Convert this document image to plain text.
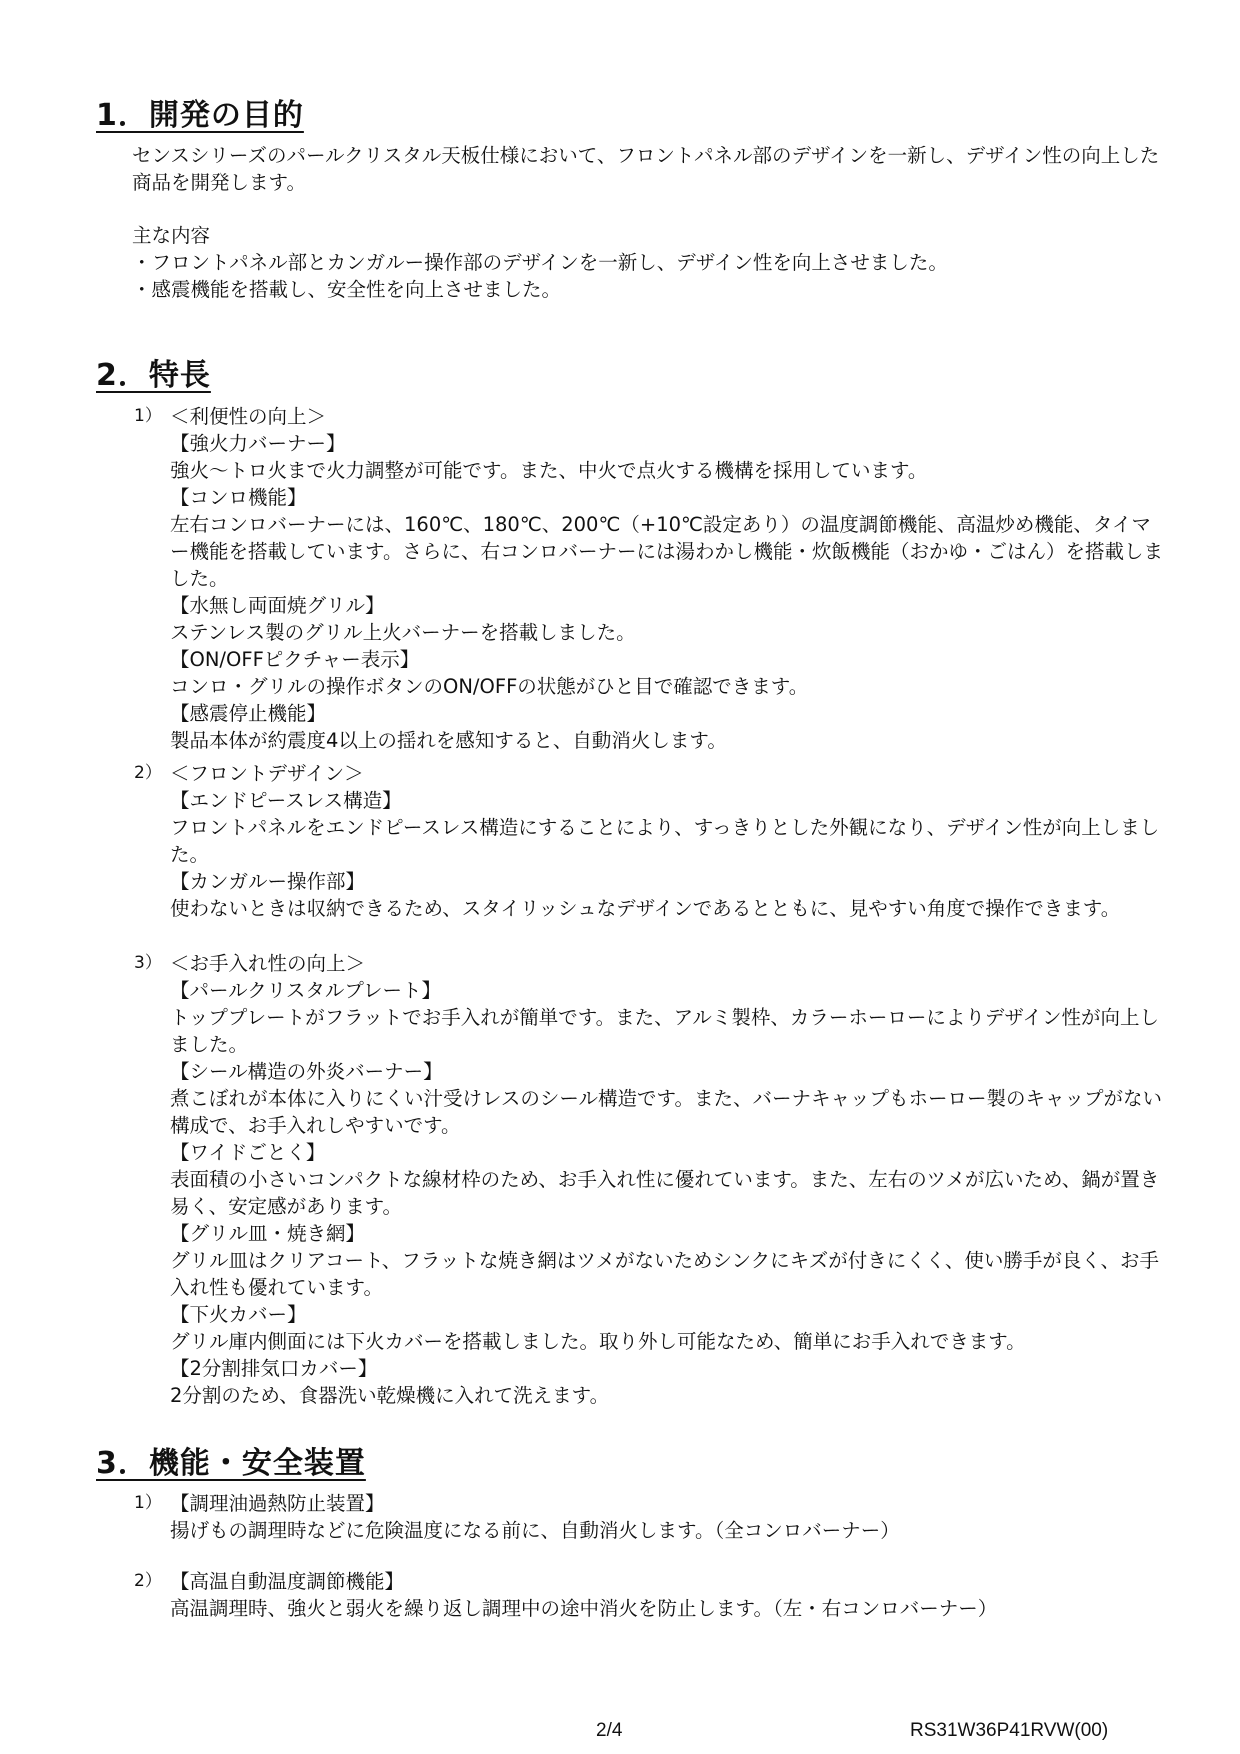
1．開発の目的
センスシリーズのパールクリスタル天板仕様において、フロントパネル部のデザインを一新し、デザイン性の向上した商品を開発します。
主な内容
・フロントパネル部とカンガルー操作部のデザインを一新し、デザイン性を向上させました。
・感震機能を搭載し、安全性を向上させました。
2．特長
1） ＜利便性の向上＞
【強火力バーナー】
強火～トロ火まで火力調整が可能です。また、中火で点火する機構を採用しています。
【コンロ機能】
左右コンロバーナーには、160℃、180℃、200℃（+10℃設定あり）の温度調節機能、高温炒め機能、タイマー機能を搭載しています。さらに、右コンロバーナーには湯わかし機能・炊飯機能（おかゆ・ごはん）を搭載しました。
【水無し両面焼グリル】
ステンレス製のグリル上火バーナーを搭載しました。
【ON/OFFピクチャー表示】
コンロ・グリルの操作ボタンのON/OFFの状態がひと目で確認できます。
【感震停止機能】
製品本体が約震度4以上の揺れを感知すると、自動消火します。
2） ＜フロントデザイン＞
【エンドピースレス構造】
フロントパネルをエンドピースレス構造にすることにより、すっきりとした外観になり、デザイン性が向上しました。
【カンガルー操作部】
使わないときは収納できるため、スタイリッシュなデザインであるとともに、見やすい角度で操作できます。
3） ＜お手入れ性の向上＞
【パールクリスタルプレート】
トッププレートがフラットでお手入れが簡単です。また、アルミ製枠、カラーホーローによりデザイン性が向上しました。
【シール構造の外炎バーナー】
煮こぼれが本体に入りにくい汁受けレスのシール構造です。また、バーナキャップもホーロー製のキャップがない構成で、お手入れしやすいです。
【ワイドごとく】
表面積の小さいコンパクトな線材枠のため、お手入れ性に優れています。また、左右のツメが広いため、鍋が置き易く、安定感があります。
【グリル皿・焼き網】
グリル皿はクリアコート、フラットな焼き網はツメがないためシンクにキズが付きにくく、使い勝手が良く、お手入れ性も優れています。
【下火カバー】
グリル庫内側面には下火カバーを搭載しました。取り外し可能なため、簡単にお手入れできます。
【2分割排気口カバー】
2分割のため、食器洗い乾燥機に入れて洗えます。
3．機能・安全装置
1） 【調理油過熱防止装置】
揚げもの調理時などに危険温度になる前に、自動消火します。（全コンロバーナー）
2） 【高温自動温度調節機能】
高温調理時、強火と弱火を繰り返し調理中の途中消火を防止します。（左・右コンロバーナー）
2/4	RS31W36P41RVW(00)
